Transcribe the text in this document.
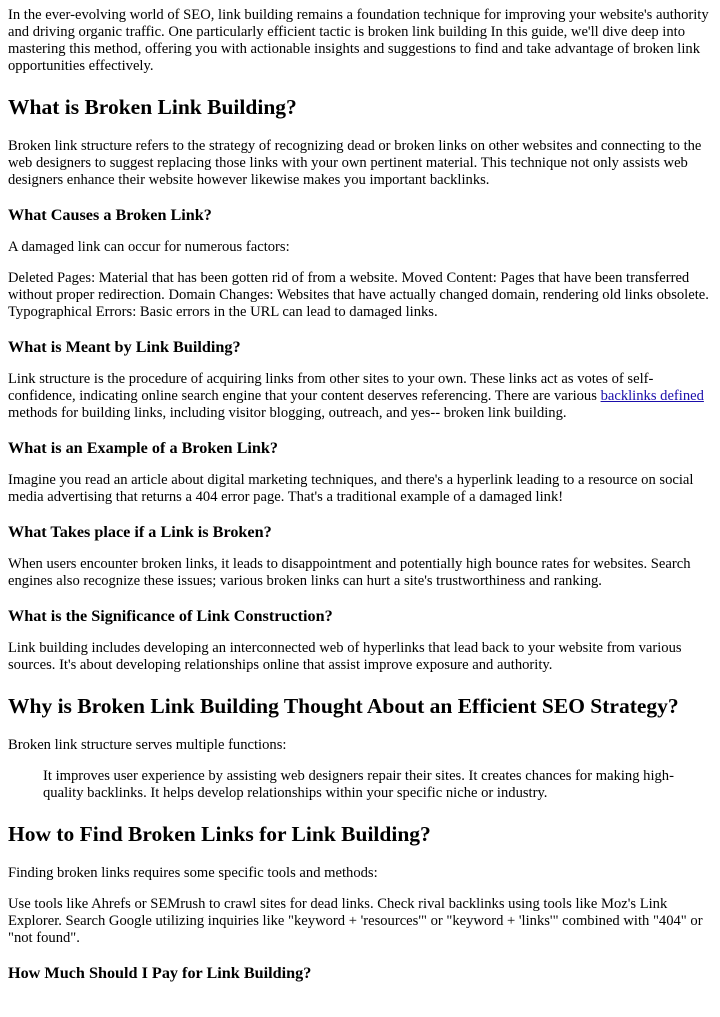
In the ever-evolving world of SEO, link building remains a foundation technique for improving your website's authority and driving organic traffic. One particularly efficient tactic is broken link building In this guide, we'll dive deep into mastering this method, offering you with actionable insights and suggestions to find and take advantage of broken link opportunities effectively.

What is Broken Link Building?

Broken link structure refers to the strategy of recognizing dead or broken links on other websites and connecting to the web designers to suggest replacing those links with your own pertinent material. This technique not only assists web designers enhance their website however likewise makes you important backlinks.

What Causes a Broken Link?

A damaged link can occur for numerous factors:

Deleted Pages: Material that has been gotten rid of from a website. Moved Content: Pages that have been transferred without proper redirection. Domain Changes: Websites that have actually changed domain, rendering old links obsolete. Typographical Errors: Basic errors in the URL can lead to damaged links.

What is Meant by Link Building?

Link structure is the procedure of acquiring links from other sites to your own. These links act as votes of self-confidence, indicating online search engine that your content deserves referencing. There are various backlinks defined methods for building links, including visitor blogging, outreach, and yes-- broken link building.

What is an Example of a Broken Link?

Imagine you read an article about digital marketing techniques, and there's a hyperlink leading to a resource on social media advertising that returns a 404 error page. That's a traditional example of a damaged link!

What Takes place if a Link is Broken?

When users encounter broken links, it leads to disappointment and potentially high bounce rates for websites. Search engines also recognize these issues; various broken links can hurt a site's trustworthiness and ranking.

What is the Significance of Link Construction?

Link building includes developing an interconnected web of hyperlinks that lead back to your website from various sources. It's about developing relationships online that assist improve exposure and authority.

Why is Broken Link Building Thought About an Efficient SEO Strategy?

Broken link structure serves multiple functions:

It improves user experience by assisting web designers repair their sites. It creates chances for making high-quality backlinks. It helps develop relationships within your specific niche or industry.
How to Find Broken Links for Link Building?

Finding broken links requires some specific tools and methods:

Use tools like Ahrefs or SEMrush to crawl sites for dead links. Check rival backlinks using tools like Moz's Link Explorer. Search Google utilizing inquiries like "keyword + 'resources'" or "keyword + 'links'" combined with "404" or "not found".

How Much Should I Pay for Link Building?
